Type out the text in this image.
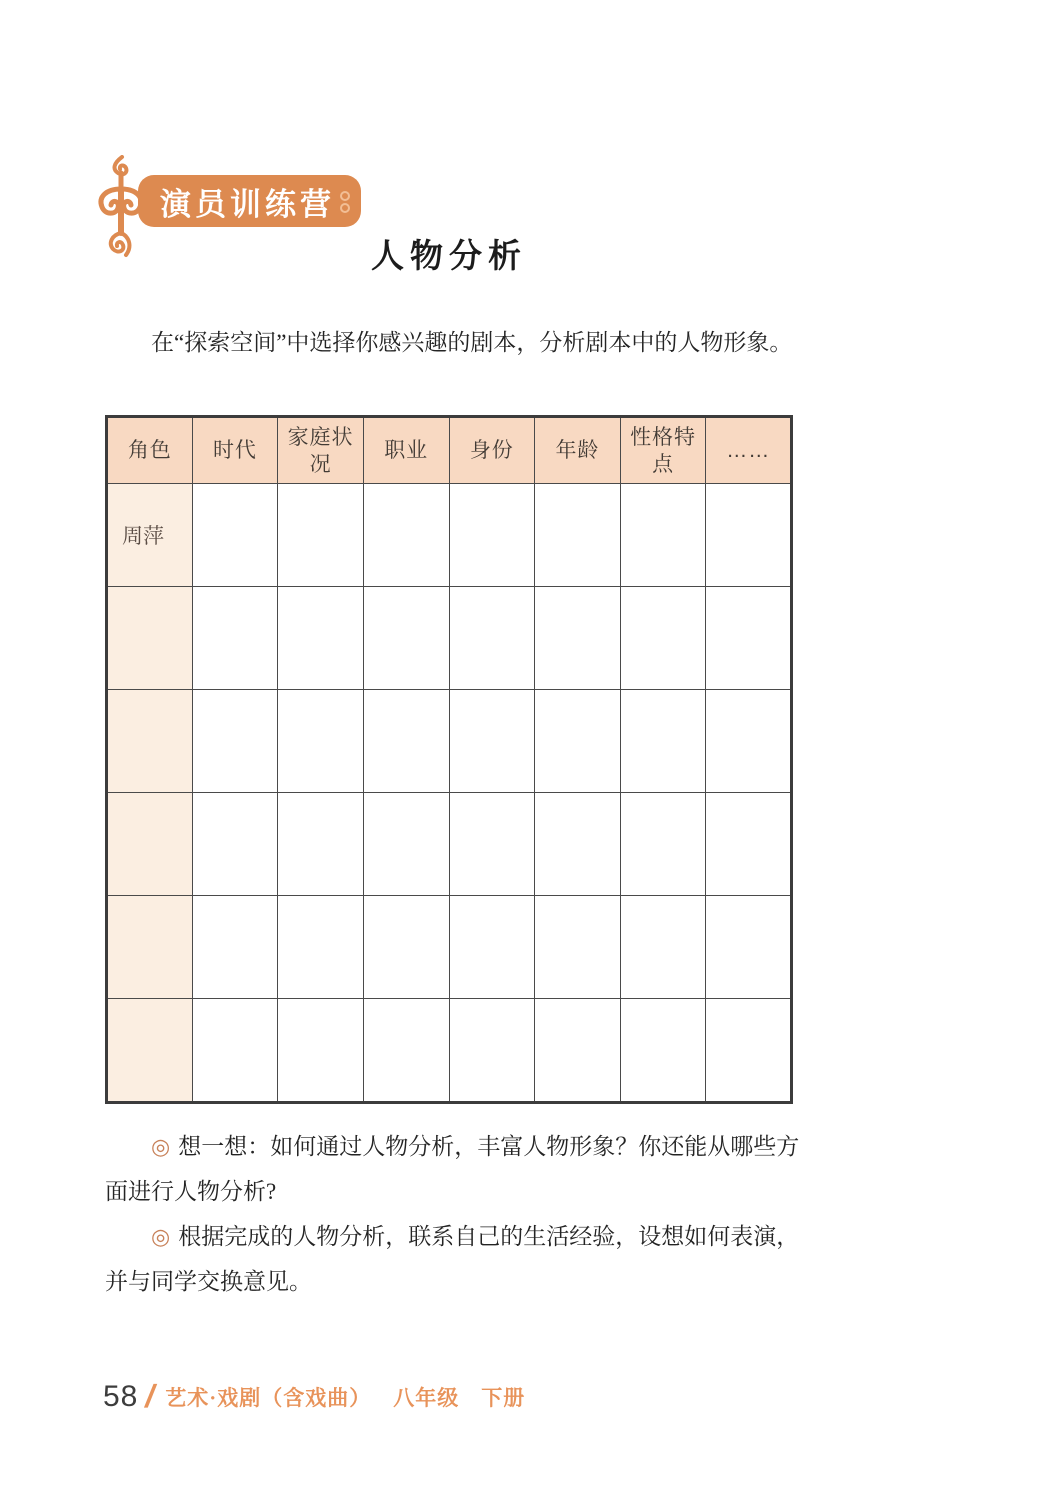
演员训练营
人物分析

在“探索空间”中选择你感兴趣的剧本，分析剧本中的人物形象。

角色	时代	家庭状况	职业	身份	年龄	性格特点	……
周萍							

◎ 想一想：如何通过人物分析，丰富人物形象？你还能从哪些方面进行人物分析?

◎ 根据完成的人物分析，联系自己的生活经验，设想如何表演，并与同学交换意见。

58 / 艺术·戏剧（含戏曲） 八年级 下册
